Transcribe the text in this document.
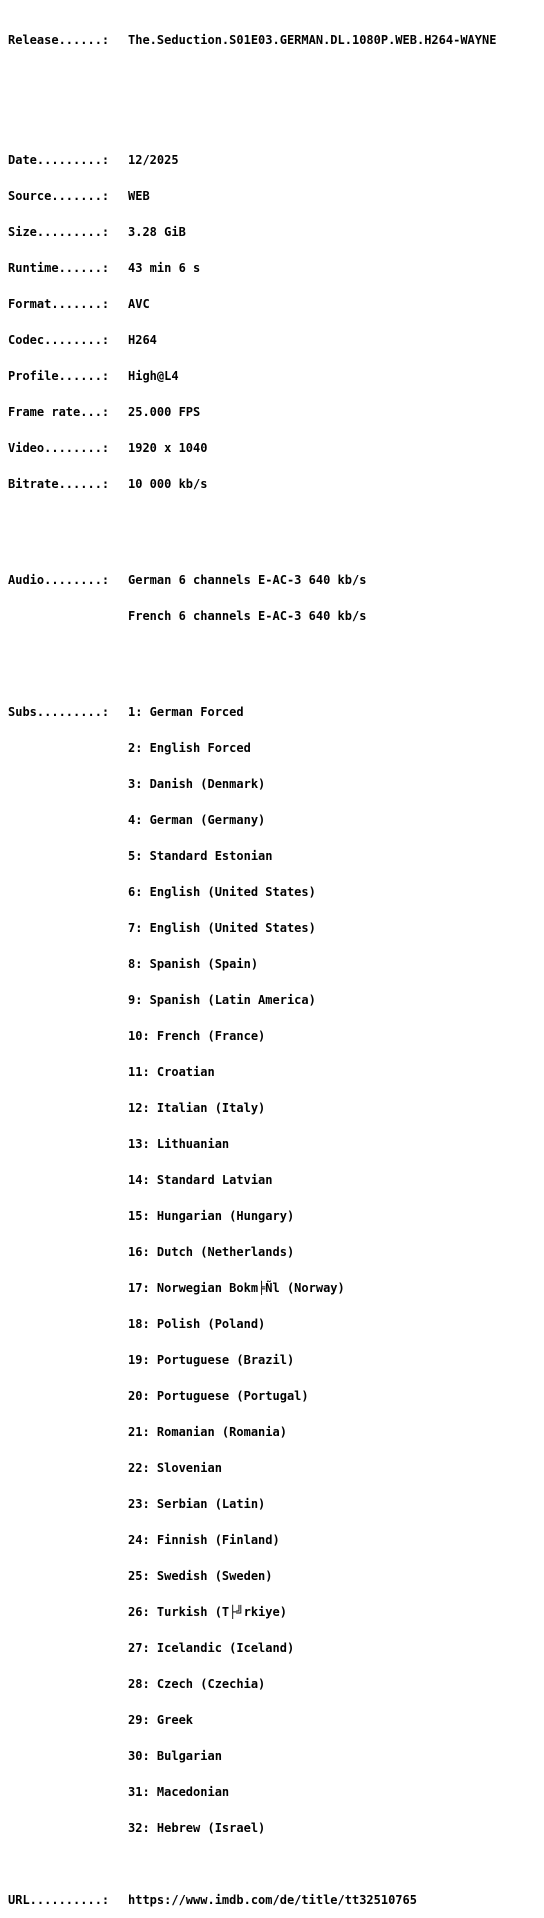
Release......: The.Seduction.S01E03.GERMAN.DL.1080P.WEB.H264-WAYNE

Date.........: 12/2025

Source.......: WEB

Size.........: 3.28 GiB

Runtime......: 43 min 6 s

Format.......: AVC

Codec........: H264

Profile......: High@L4

Frame rate...: 25.000 FPS

Video........: 1920 x 1040

Bitrate......: 10 000 kb/s

Audio........: German 6 channels E-AC-3 640 kb/s

French 6 channels E-AC-3 640 kb/s

Subs.........: 1: German Forced

2: English Forced

3: Danish (Denmark)

4: German (Germany)

5: Standard Estonian

6: English (United States)

7: English (United States)

8: Spanish (Spain)

9: Spanish (Latin America)

10: French (France)

11: Croatian

12: Italian (Italy)

13: Lithuanian

14: Standard Latvian

15: Hungarian (Hungary)

16: Dutch (Netherlands)

17: Norwegian Bokm╞Ñl (Norway)

18: Polish (Poland)

19: Portuguese (Brazil)

20: Portuguese (Portugal)

21: Romanian (Romania)

22: Slovenian

23: Serbian (Latin)

24: Finnish (Finland)

25: Swedish (Sweden)

26: Turkish (T├╝rkiye)

27: Icelandic (Iceland)

28: Czech (Czechia)

29: Greek

30: Bulgarian

31: Macedonian

32: Hebrew (Israel)

URL..........: https://www.imdb.com/de/title/tt32510765
